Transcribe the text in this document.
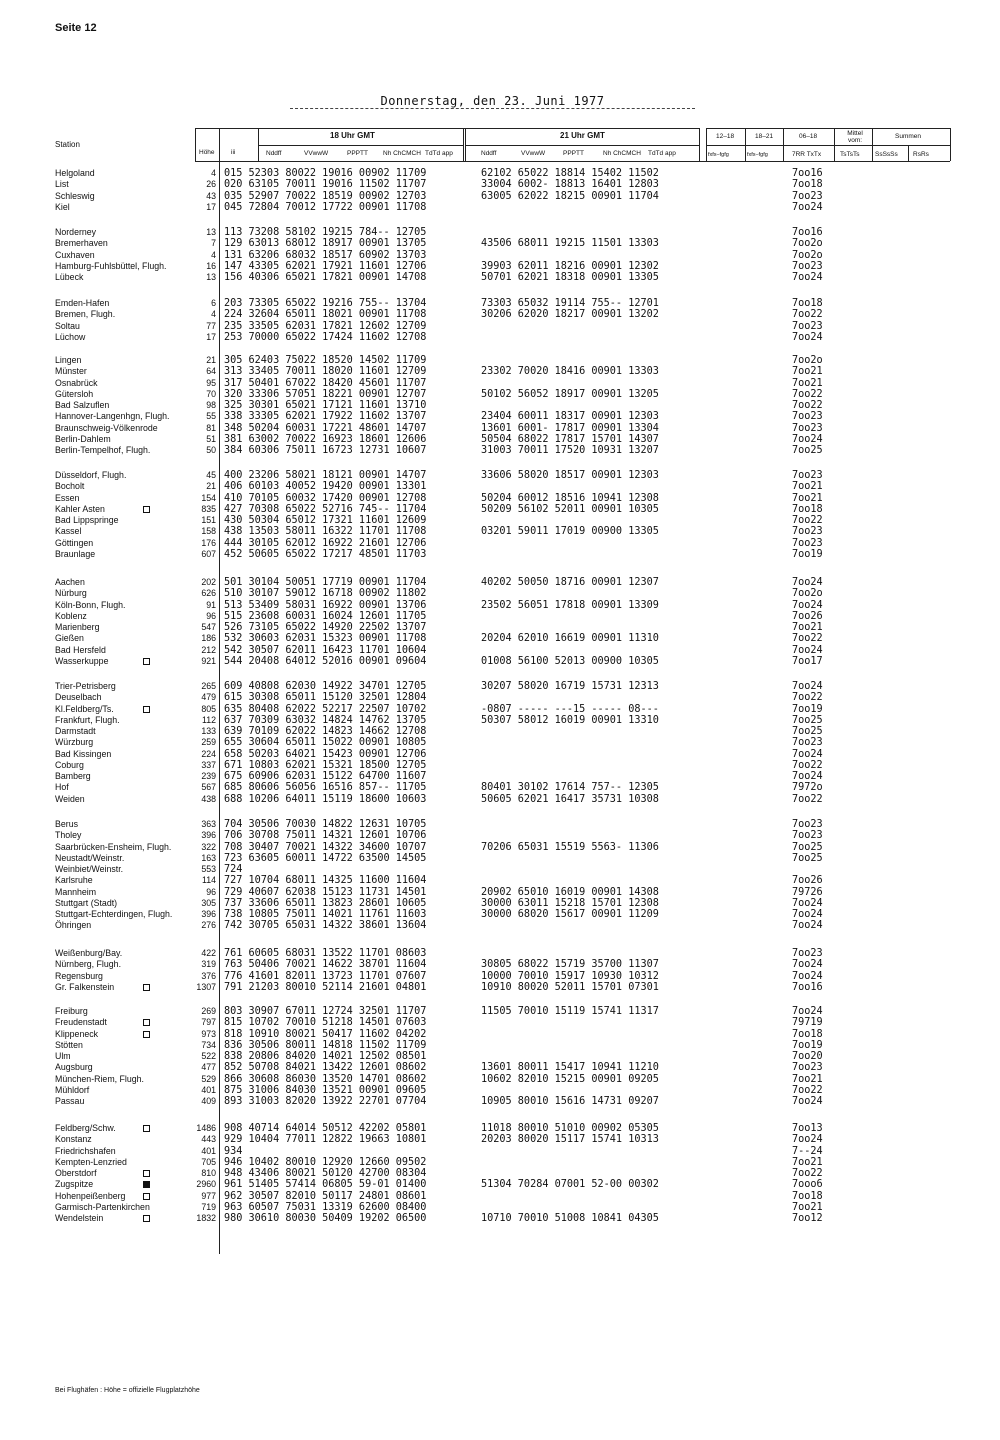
Seite 12
Donnerstag, den 23. Juni 1977
Station
Höhe	iii
18 Uhr GMT	21 Uhr GMT
Nddff	VVwwW	PPPTT Nh ChCMCH TdTd app	Nddff	VVwwW	PPPTT	Nh ChCMCH TdTd app
12–18	18–21	06–18	Mittel vom:
Summen
fxfx–fgfg	fxfx–fgfg	7RR TxTx	TsTsTs SsSsSs RsRs
Helgoland	4 015 52303 80022 19016 00902 11709	62102 65022 18814 15402 11502	7oo16
List	26 020 63105 70011 19016 11502 11707	33004 6002- 18813 16401 12803	7oo18
Schleswig	43 035 52907 70022 18519 00902 12703	63005 62022 18215 00901 11704	7oo23
Kiel	17 045 72804 70012 17722 00901 11708	7oo24
Norderney	13 113 73208 58102 19215 784-- 12705	7oo16
Bremerhaven	7 129 63013 68012 18917 00901 13705	43506 68011 19215 11501 13303	7oo2o
Cuxhaven	4 131 63206 68032 18517 60902 13703	7oo2o
Hamburg-Fuhlsbüttel, Flugh.	16 147 43305 62021 17921 11601 12706	39903 62011 18216 00901 12302	7oo23
Lübeck	13 156 40306 65021 17821 00901 14708	50701 62021 18318 00901 13305	7oo24
Emden-Hafen	6 203 73305 65022 19216 755-- 13704	73303 65032 19114 755-- 12701	7oo18
Bremen, Flugh.	4 224 32604 65011 18021 00901 11708	30206 62020 18217 00901 13202	7oo22
Soltau	77 235 33505 62031 17821 12602 12709	7oo23
Lüchow	17 253 70000 65022 17424 11602 12708	7oo24
Lingen	21 305 62403 75022 18520 14502 11709	7oo2o
Münster	64 313 33405 70011 18020 11601 12709	23302 70020 18416 00901 13303	7oo21
Osnabrück	95 317 50401 67022 18420 45601 11707	7oo21
Gütersloh	70 320 33306 57051 18221 00901 12707	50102 56052 18917 00901 13205	7oo22
Bad Salzuflen	98 325 30301 65021 17121 11601 13710	7oo22
Hannover-Langenhgn, Flugh.	55 338 33305 62021 17922 11602 13707	23404 60011 18317 00901 12303	7oo23
Braunschweig-Völkenrode	81 348 50204 60031 17221 48601 14707	13601 6001- 17817 00901 13304	7oo23
Berlin-Dahlem	51 381 63002 70022 16923 18601 12606	50504 68022 17817 15701 14307	7oo24
Berlin-Tempelhof, Flugh.	50 384 60306 75011 16723 12731 10607	31003 70011 17520 10931 13207	7oo25
Düsseldorf, Flugh.	45 400 23206 58021 18121 00901 14707	33606 58020 18517 00901 12303	7oo23
Bocholt	21 406 60103 40052 19420 00901 13301	7oo21
Essen	154 410 70105 60032 17420 00901 12708	50204 60012 18516 10941 12308	7oo21
Kahler Asten	835 427 70308 65022 52716 745-- 11704	50209 56102 52011 00901 10305	7oo18
Bad Lippspringe	151 430 50304 65012 17321 11601 12609	7oo22
Kassel	158 438 13503 58011 16322 11701 11708	03201 59011 17019 00900 13305	7oo23
Göttingen	176 444 30105 62012 16922 21601 12706	7oo23
Braunlage	607 452 50605 65022 17217 48501 11703	7oo19
Aachen	202 501 30104 50051 17719 00901 11704	40202 50050 18716 00901 12307	7oo24
Nürburg	626 510 30107 59012 16718 00902 11802	7oo2o
Köln-Bonn, Flugh.	91 513 53409 58031 16922 00901 13706	23502 56051 17818 00901 13309	7oo24
Koblenz	96 515 23608 60031 16024 12601 11705	7oo26
Marienberg	547 526 73105 65022 14920 22502 13707	7oo21
Gießen	186 532 30603 62031 15323 00901 11708	20204 62010 16619 00901 11310	7oo22
Bad Hersfeld	212 542 30507 62011 16423 11701 10604	7oo24
Wasserkuppe	921 544 20408 64012 52016 00901 09604	01008 56100 52013 00900 10305	7oo17
Trier-Petrisberg	265 609 40808 62030 14922 34701 12705	30207 58020 16719 15731 12313	7oo24
Deuselbach	479 615 30308 65011 15120 32501 12804	7oo22
Kl.Feldberg/Ts.	805 635 80408 62022 52217 22507 10702	-0807 ----- ---15 ----- 08---	7oo19
Frankfurt, Flugh.	112 637 70309 63032 14824 14762 13705	50307 58012 16019 00901 13310	7oo25
Darmstadt	133 639 70109 62022 14823 14662 12708	7oo25
Würzburg	259 655 30604 65011 15022 00901 10805	7oo23
Bad Kissingen	224 658 50203 64021 15423 00901 12706	7oo24
Coburg	337 671 10803 62021 15321 18500 12705	7oo22
Bamberg	239 675 60906 62031 15122 64700 11607	7oo24
Hof	567 685 80606 56056 16516 857-- 11705	80401 30102 17614 757-- 12305	7972o
Weiden	438 688 10206 64011 15119 18600 10603	50605 62021 16417 35731 10308	7oo22
Berus	363 704 30506 70030 14822 12631 10705	7oo23
Tholey	396 706 30708 75011 14321 12601 10706	7oo23
Saarbrücken-Ensheim, Flugh.	322 708 30407 70021 14322 34600 10707	70206 65031 15519 5563- 11306	7oo25
Neustadt/Weinstr.	163 723 63605 60011 14722 63500 14505	7oo25
Weinbiet/Weinstr.	553 724
Karlsruhe	114 727 10704 68011 14325 11600 11604	7oo26
Mannheim	96 729 40607 62038 15123 11731 14501	20902 65010 16019 00901 14308	79726
Stuttgart (Stadt)	305 737 33606 65011 13823 28601 10605	30000 63011 15218 15701 12308	7oo24
Stuttgart-Echterdingen, Flugh.	396 738 10805 75011 14021 11761 11603	30000 68020 15617 00901 11209	7oo24
Öhringen	276 742 30705 65031 14322 38601 13604	7oo24
Weißenburg/Bay.	422 761 60605 68031 13522 11701 08603	7oo23
Nürnberg, Flugh.	319 763 50406 70021 14622 38701 11604	30805 68022 15719 35700 11307	7oo24
Regensburg	376 776 41601 82011 13723 11701 07607	10000 70010 15917 10930 10312	7oo24
Gr. Falkenstein	1307 791 21203 80010 52114 21601 04801	10910 80020 52011 15701 07301	7oo16
Freiburg	269 803 30907 67011 12724 32501 11707	11505 70010 15119 15741 11317	7oo24
Freudenstadt	797 815 10702 70010 51218 14501 07603	79719
Klippeneck	973 818 10910 80021 50417 11602 04202	7oo18
Stötten	734 836 30506 80011 14818 11502 11709	7oo19
Ulm	522 838 20806 84020 14021 12502 08501	7oo20
Augsburg	477 852 50708 84021 13422 12601 08602	13601 80011 15417 10941 11210	7oo23
München-Riem, Flugh.	529 866 30608 86030 13520 14701 08602	10602 82010 15215 00901 09205	7oo21
Mühldorf	401 875 31006 84030 13521 00901 09605	7oo22
Passau	409 893 31003 82020 13922 22701 07704	10905 80010 15616 14731 09207	7oo24
Feldberg/Schw.	1486 908 40714 64014 50512 42202 05801	11018 80010 51010 00902 05305	7oo13
Konstanz	443 929 10404 77011 12822 19663 10801	20203 80020 15117 15741 10313	7oo24
Friedrichshafen	401 934	7--24
Kempten-Lenzried	705 946 10402 80010 12920 12660 09502	7oo21
Oberstdorf	810 948 43406 80021 50120 42700 08304	7oo22
Zugspitze	2960 961 51405 57414 06805 59-01 01400	51304 70284 07001 52-00 00302	7ooo6
Hohenpeißenberg	977 962 30507 82010 50117 24801 08601	7oo18
Garmisch-Partenkirchen	719 963 60507 75031 13319 62600 08400	7oo21
Wendelstein	1832 980 30610 80030 50409 19202 06500	10710 70010 51008 10841 04305	7oo12
Bei Flughäfen : Höhe = offizielle Flugplatzhöhe
